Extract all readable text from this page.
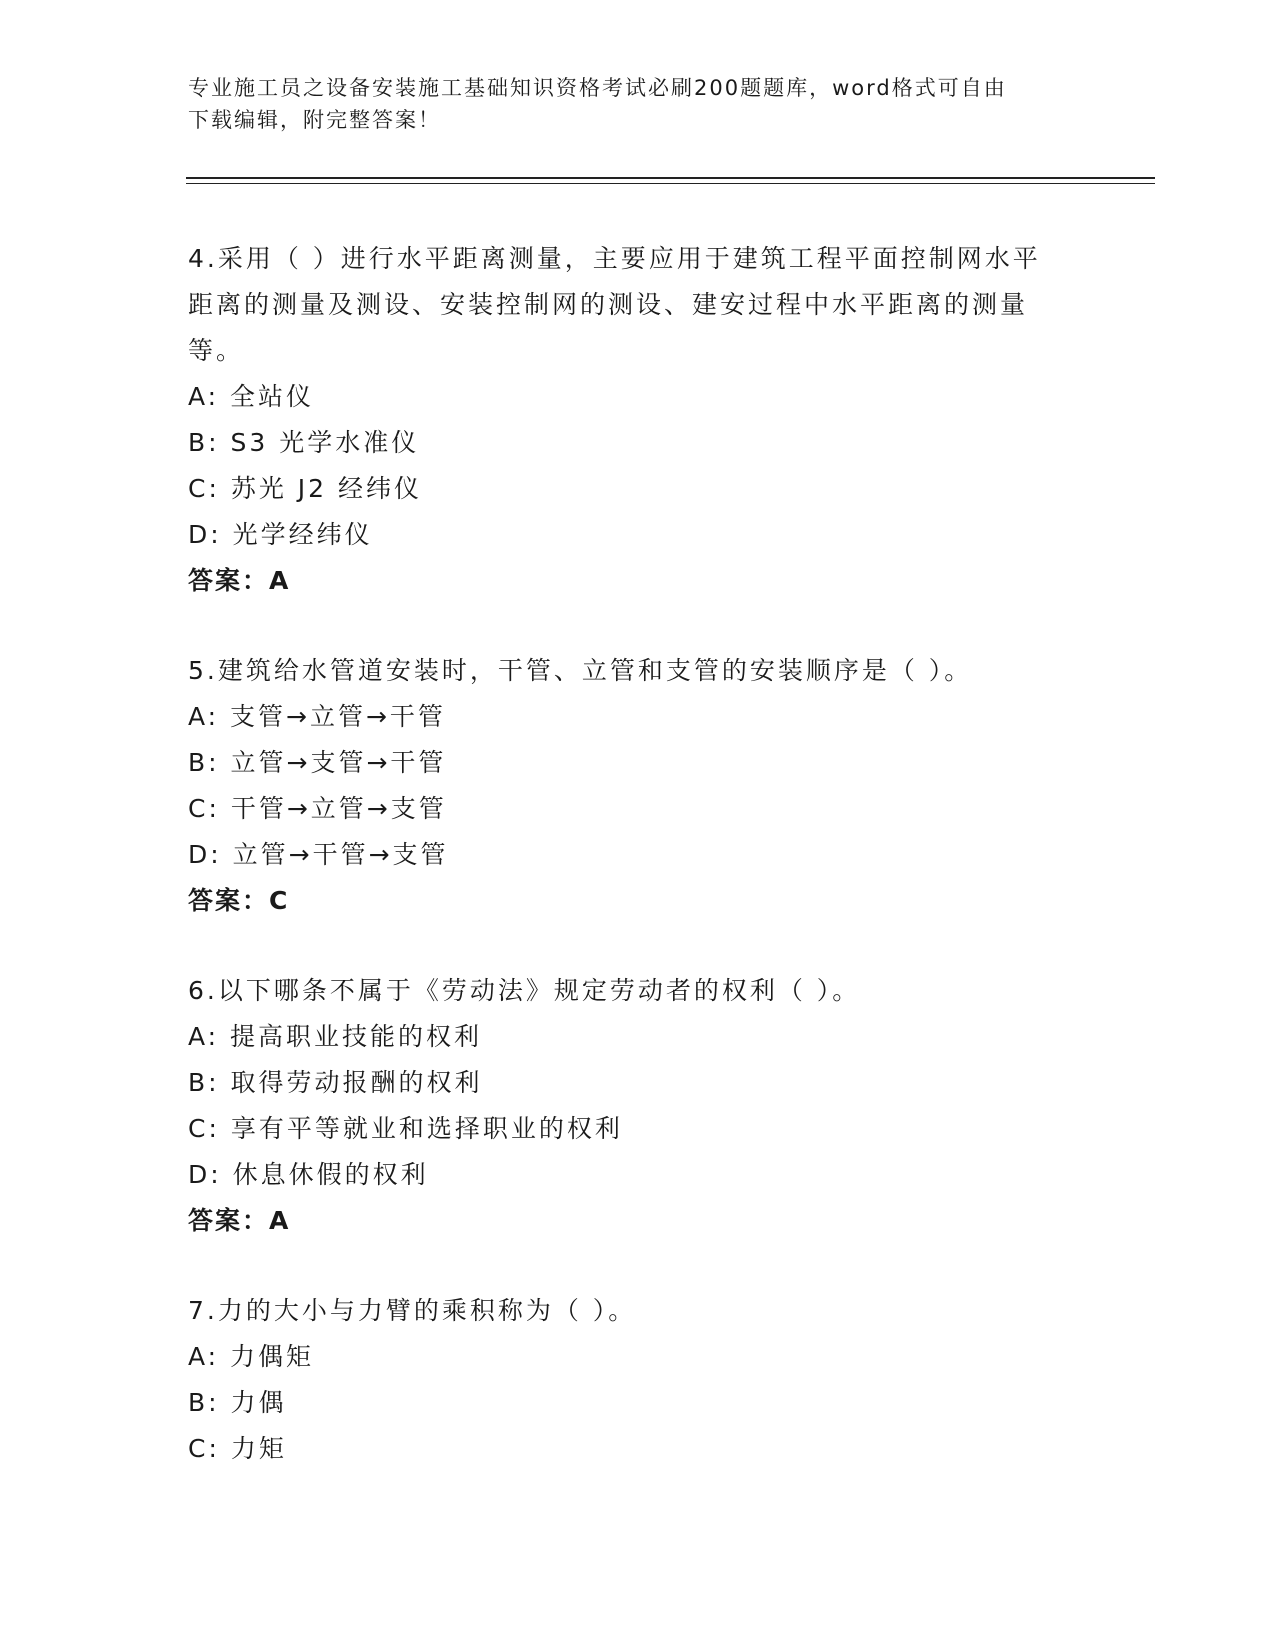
专业施工员之设备安装施工基础知识资格考试必刷200题题库，word格式可自由
下载编辑，附完整答案！
4.采用（ ）进行水平距离测量，主要应用于建筑工程平面控制网水平
距离的测量及测设、安装控制网的测设、建安过程中水平距离的测量
等。
A: 全站仪
B: S3 光学水准仪
C: 苏光 J2 经纬仪
D: 光学经纬仪
答案：A
5.建筑给水管道安装时，干管、立管和支管的安装顺序是（ ）。
A: 支管→立管→干管
B: 立管→支管→干管
C: 干管→立管→支管
D: 立管→干管→支管
答案：C
6.以下哪条不属于《劳动法》规定劳动者的权利（ ）。
A: 提高职业技能的权利
B: 取得劳动报酬的权利
C: 享有平等就业和选择职业的权利
D: 休息休假的权利
答案：A
7.力的大小与力臂的乘积称为（ ）。
A: 力偶矩
B: 力偶
C: 力矩
